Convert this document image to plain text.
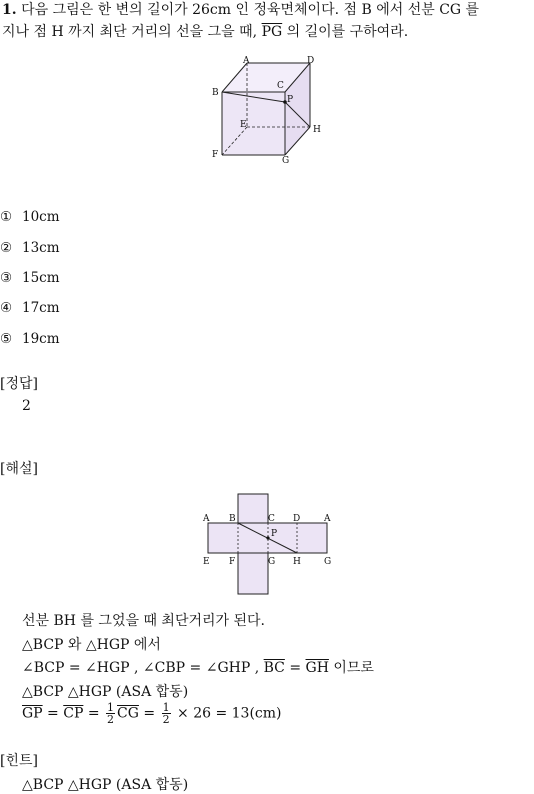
1. 다음 그림은 한 변의 길이가 26cm 인 정육면체이다. 점 B 에서 선분 CG 를
지나 점 H 까지 최단 거리의 선을 그을 때, $\overline{PG}$ 의 길이를 구하여라.
A	D
B
C
P
E	H
F
G
① 10cm
② 13cm
③ 15cm
④ 17cm
⑤ 19cm
[정답]
2
[해설]
A B	C D	A
P
E F	G H	G
선분 BH 를 그었을 때 최단거리가 된다.
△BCP 와 △HGP 에서
∠BCP = ∠HGP , ∠CBP = ∠GHP , $\overline{BC} = \overline{GH}$ 이므로
△BCP △HGP (ASA 합동)
$\overline{GP} = \overline{CP} = \frac{1}{2} \overline{CG} = \frac{1}{2} \times 26 = 13(cm)$
[힌트]
△BCP △HGP (ASA 합동)
